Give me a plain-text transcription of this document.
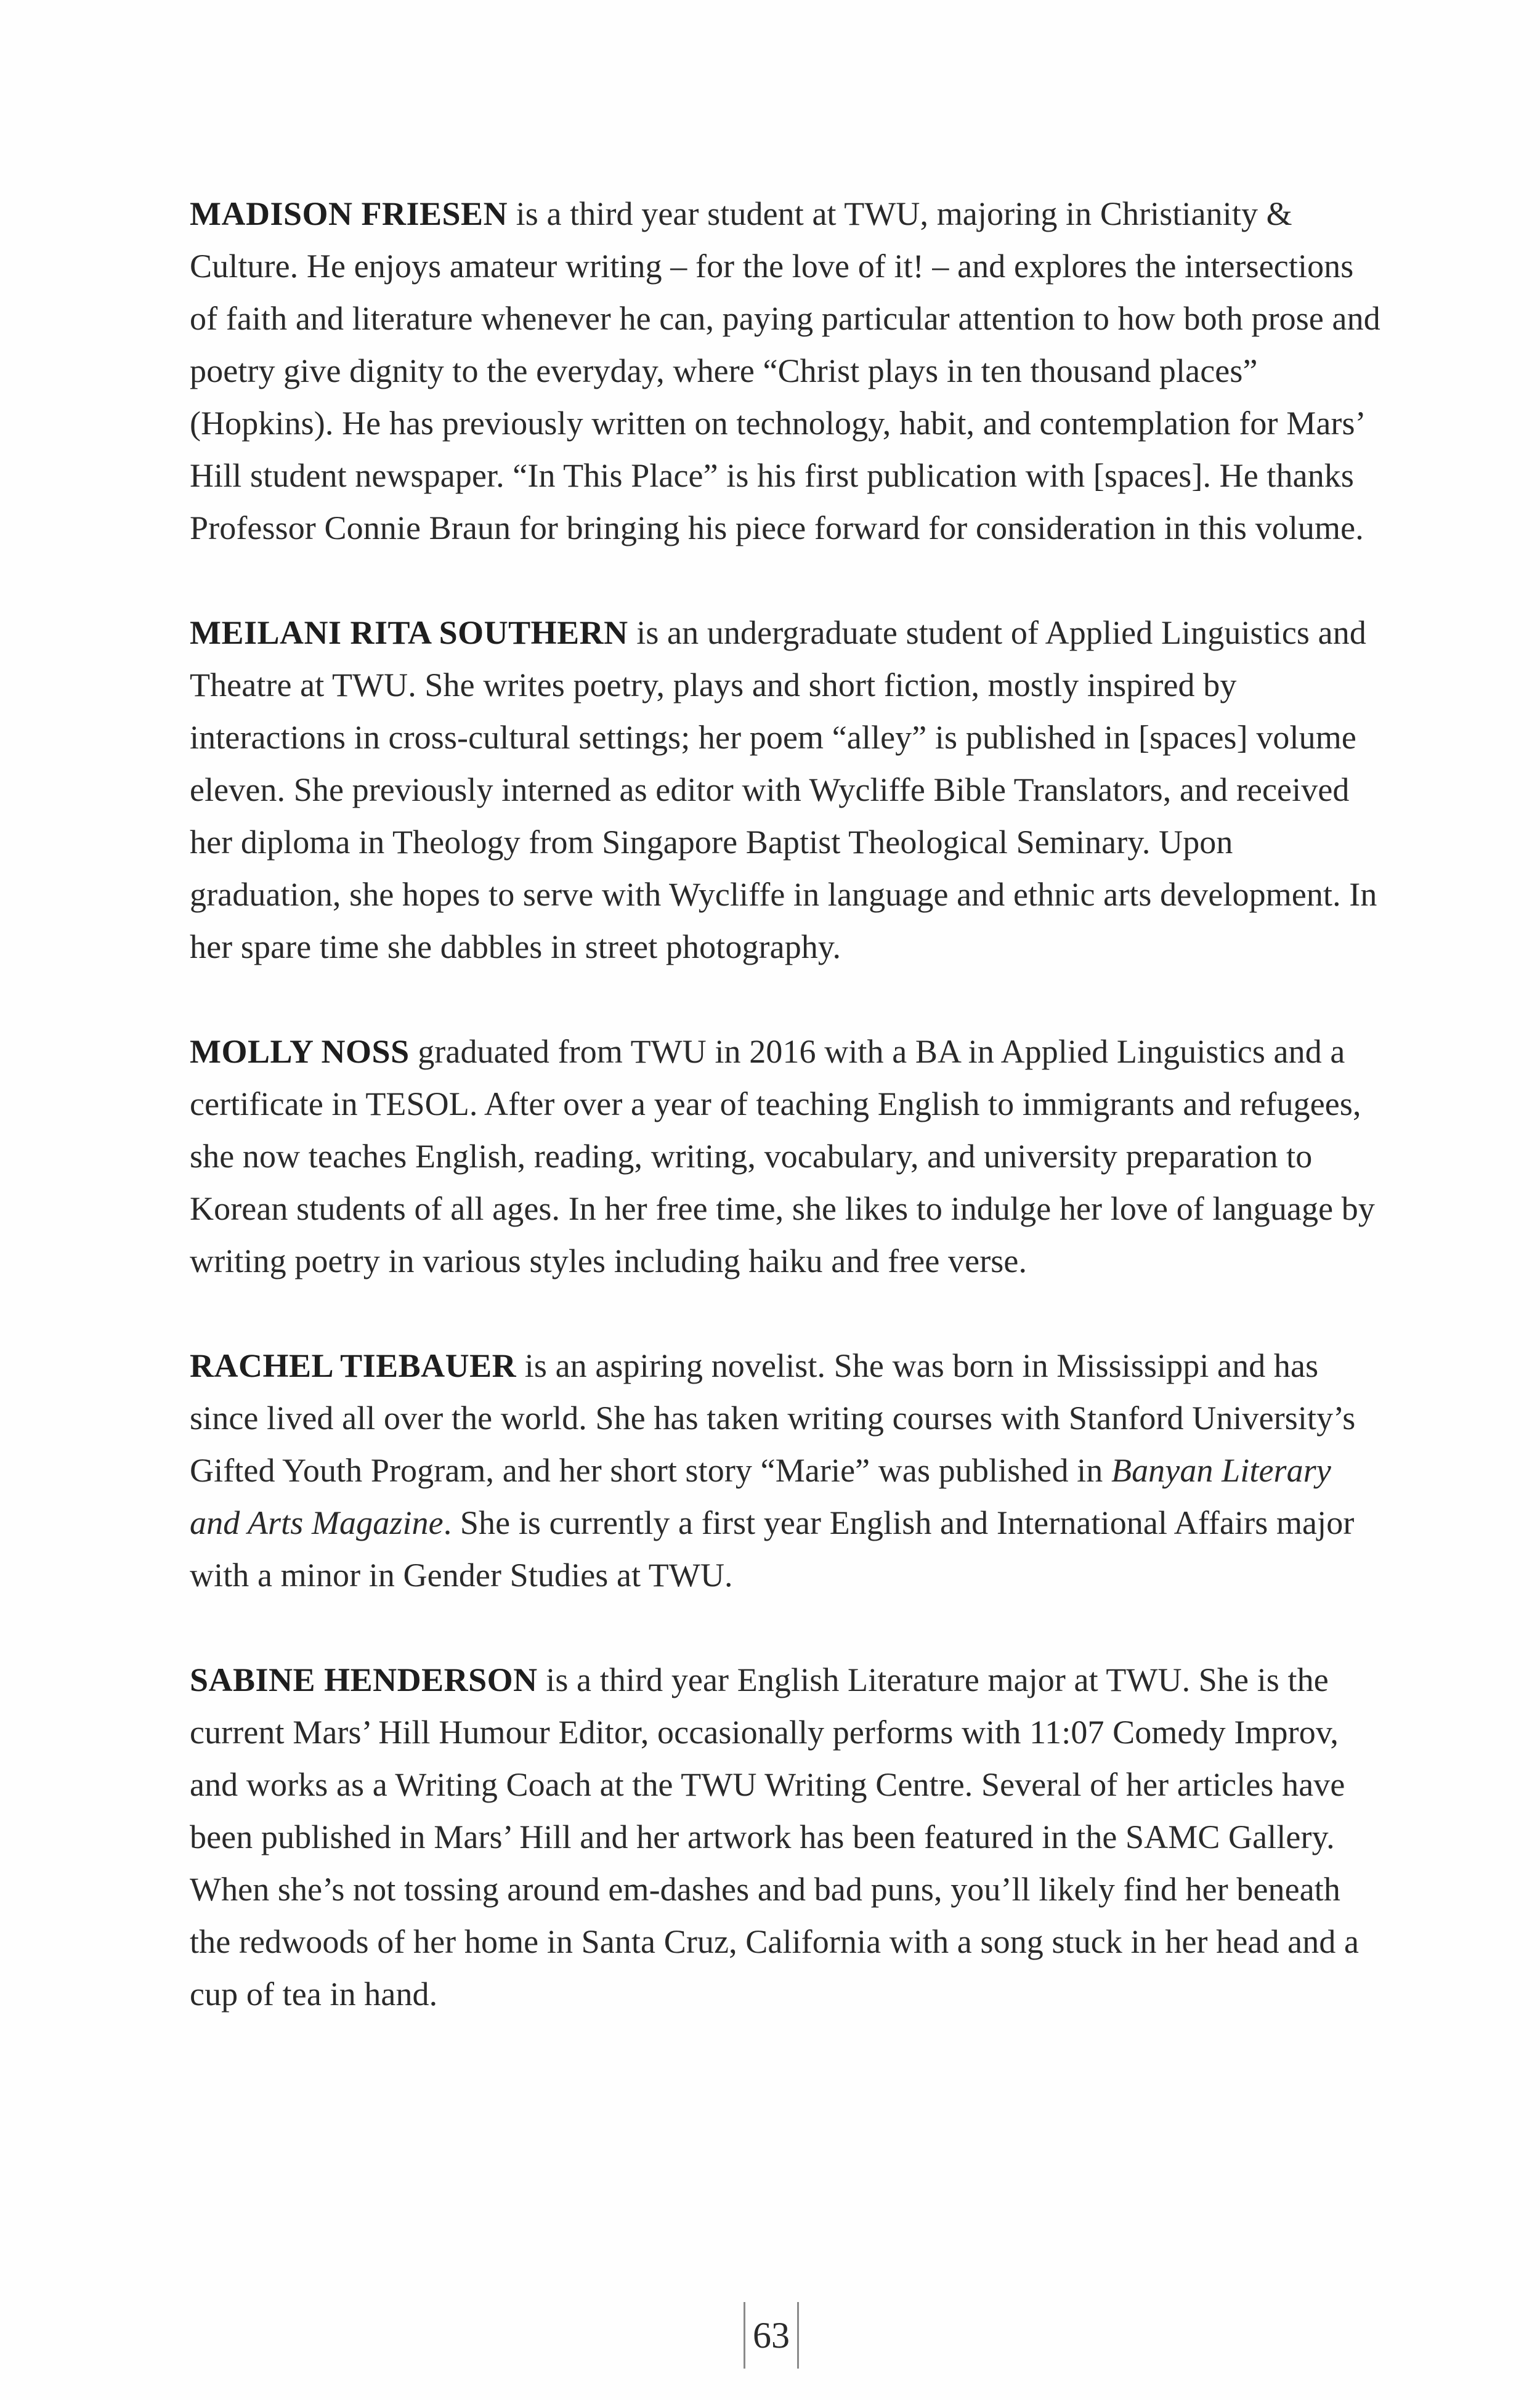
MADISON FRIESEN is a third year student at TWU, majoring in Christianity & Culture. He enjoys amateur writing – for the love of it! – and explores the intersections of faith and literature whenever he can, paying particular attention to how both prose and poetry give dignity to the everyday, where “Christ plays in ten thousand places” (Hopkins). He has previously written on technology, habit, and contemplation for Mars’ Hill student newspaper. “In This Place” is his first publication with [spaces]. He thanks Professor Connie Braun for bringing his piece forward for consideration in this volume.

MEILANI RITA SOUTHERN is an undergraduate student of Applied Linguistics and Theatre at TWU. She writes poetry, plays and short fiction, mostly inspired by interactions in cross-cultural settings; her poem “alley” is published in [spaces] volume eleven. She previously interned as editor with Wycliffe Bible Translators, and received her diploma in Theology from Singapore Baptist Theological Seminary. Upon graduation, she hopes to serve with Wycliffe in language and ethnic arts development. In her spare time she dabbles in street photography.

MOLLY NOSS graduated from TWU in 2016 with a BA in Applied Linguistics and a certificate in TESOL. After over a year of teaching English to immigrants and refugees, she now teaches English, reading, writing, vocabulary, and university preparation to Korean students of all ages. In her free time, she likes to indulge her love of language by writing poetry in various styles including haiku and free verse.

RACHEL TIEBAUER is an aspiring novelist. She was born in Mississippi and has since lived all over the world. She has taken writing courses with Stanford University’s Gifted Youth Program, and her short story “Marie” was published in Banyan Literary and Arts Magazine. She is currently a first year English and International Affairs major with a minor in Gender Studies at TWU.

SABINE HENDERSON is a third year English Literature major at TWU. She is the current Mars’ Hill Humour Editor, occasionally performs with 11:07 Comedy Improv, and works as a Writing Coach at the TWU Writing Centre. Several of her articles have been published in Mars’ Hill and her artwork has been featured in the SAMC Gallery. When she’s not tossing around em-dashes and bad puns, you’ll likely find her beneath the redwoods of her home in Santa Cruz, California with a song stuck in her head and a cup of tea in hand.

63
